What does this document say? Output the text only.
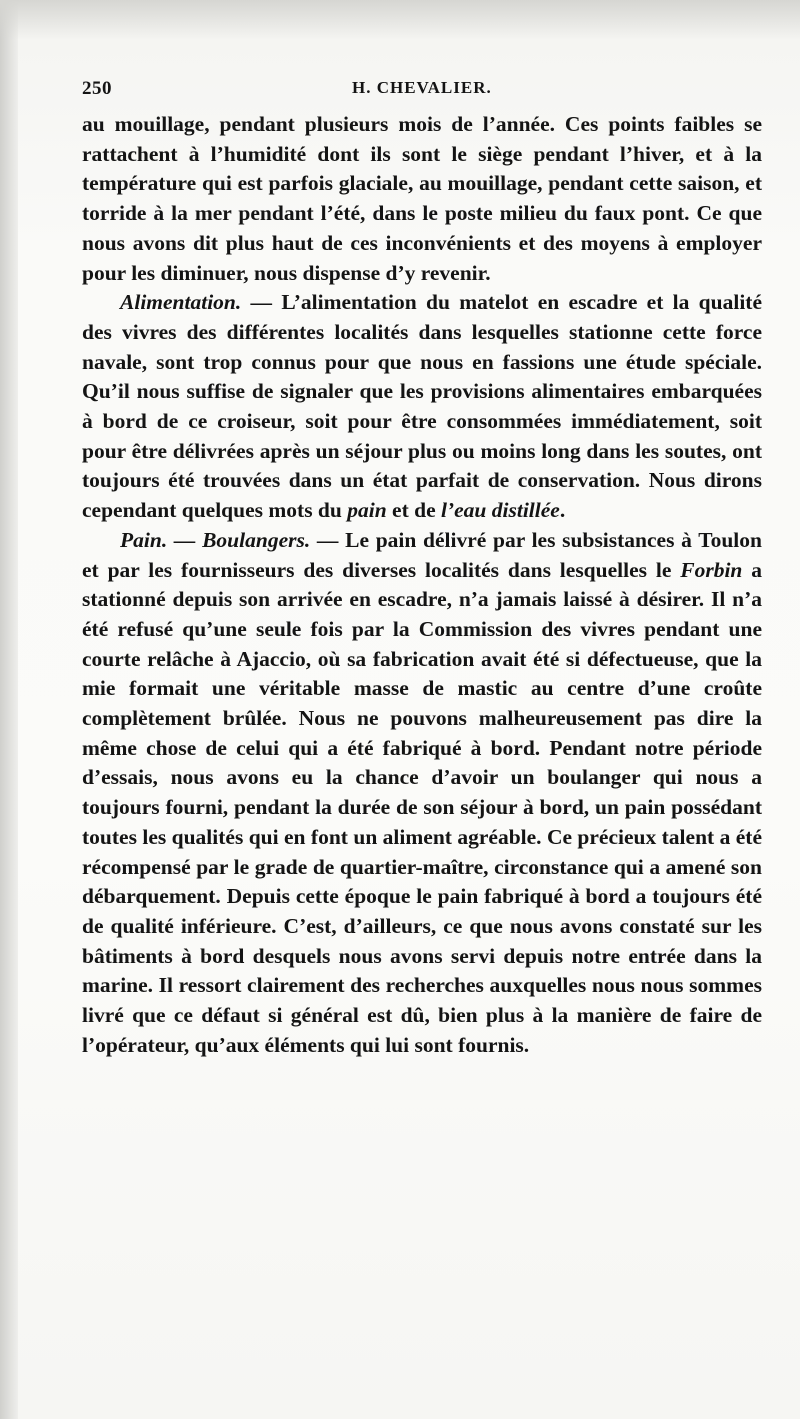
250	H. CHEVALIER.

au mouillage, pendant plusieurs mois de l’année. Ces points faibles se rattachent à l’humidité dont ils sont le siège pendant l’hiver, et à la température qui est parfois glaciale, au mouillage, pendant cette saison, et torride à la mer pendant l’été, dans le poste milieu du faux pont. Ce que nous avons dit plus haut de ces inconvénients et des moyens à employer pour les diminuer, nous dispense d’y revenir.

Alimentation. — L’alimentation du matelot en escadre et la qualité des vivres des différentes localités dans lesquelles stationne cette force navale, sont trop connus pour que nous en fassions une étude spéciale. Qu’il nous suffise de signaler que les provisions alimentaires embarquées à bord de ce croiseur, soit pour être consommées immédiatement, soit pour être délivrées après un séjour plus ou moins long dans les soutes, ont toujours été trouvées dans un état parfait de conservation. Nous dirons cependant quelques mots du pain et de l’eau distillée.

Pain. — Boulangers. — Le pain délivré par les subsistances à Toulon et par les fournisseurs des diverses localités dans lesquelles le Forbin a stationné depuis son arrivée en escadre, n’a jamais laissé à désirer. Il n’a été refusé qu’une seule fois par la Commission des vivres pendant une courte relâche à Ajaccio, où sa fabrication avait été si défectueuse, que la mie formait une véritable masse de mastic au centre d’une croûte complètement brûlée. Nous ne pouvons malheureusement pas dire la même chose de celui qui a été fabriqué à bord. Pendant notre période d’essais, nous avons eu la chance d’avoir un boulanger qui nous a toujours fourni, pendant la durée de son séjour à bord, un pain possédant toutes les qualités qui en font un aliment agréable. Ce précieux talent a été récompensé par le grade de quartier-maître, circonstance qui a amené son débarquement. Depuis cette époque le pain fabriqué à bord a toujours été de qualité inférieure. C’est, d’ailleurs, ce que nous avons constaté sur les bâtiments à bord desquels nous avons servi depuis notre entrée dans la marine. Il ressort clairement des recherches auxquelles nous nous sommes livré que ce défaut si général est dû, bien plus à la manière de faire de l’opérateur, qu’aux éléments qui lui sont fournis.
